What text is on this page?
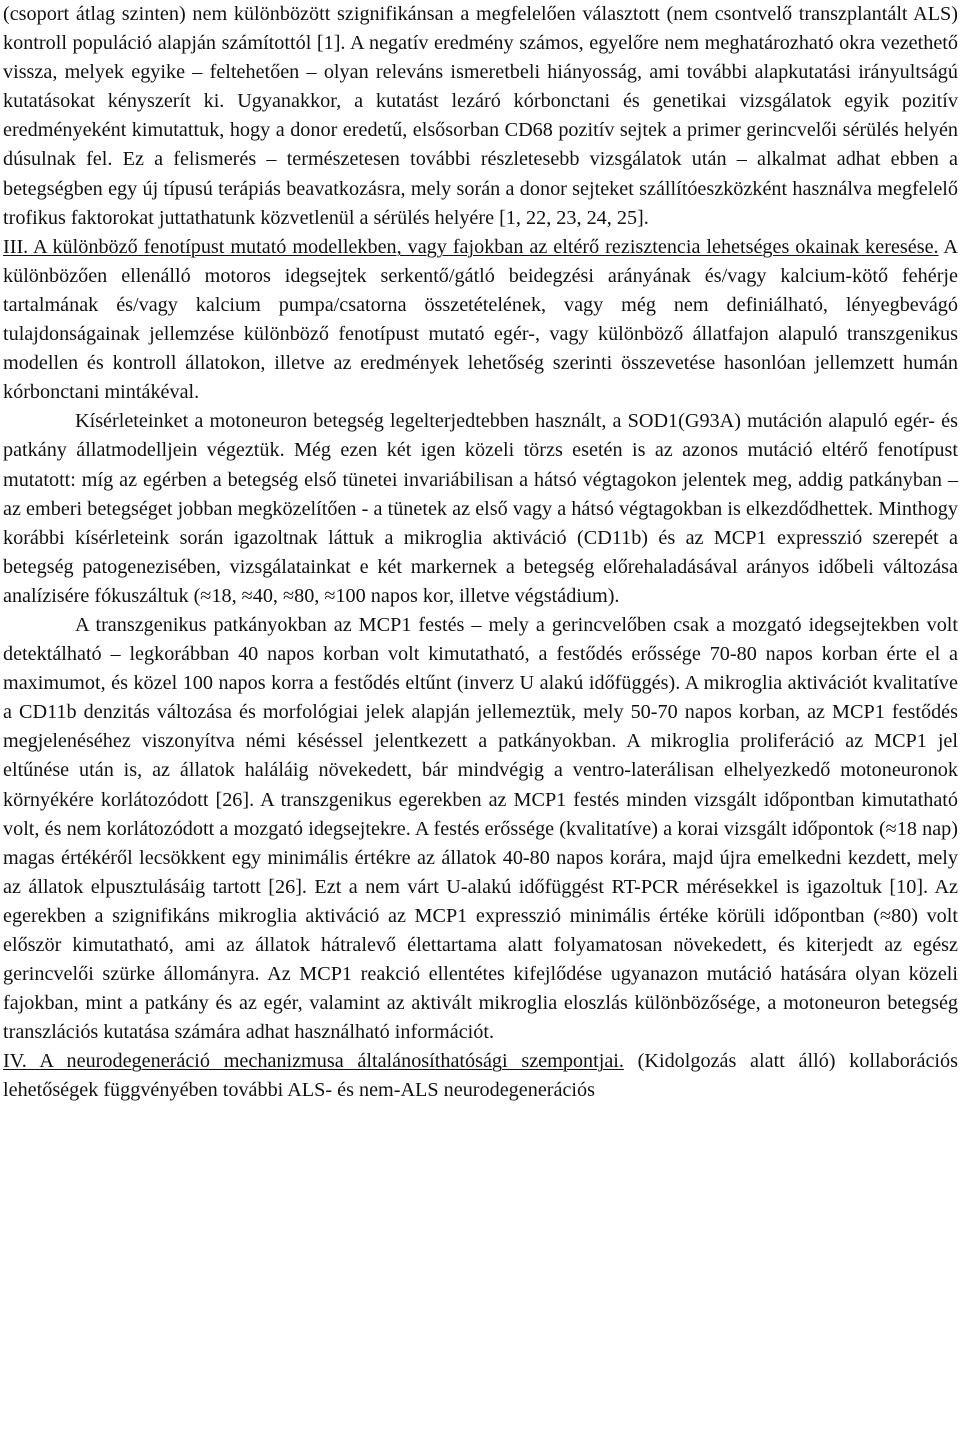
(csoport átlag szinten) nem különbözött szignifikánsan a megfelelően választott (nem csontvelő transzplantált ALS) kontroll populáció alapján számítottól [1]. A negatív eredmény számos, egyelőre nem meghatározható okra vezethető vissza, melyek egyike – feltehetően – olyan releváns ismeretbeli hiányosság, ami további alapkutatási irányultságú kutatásokat kényszerít ki. Ugyanakkor, a kutatást lezáró kórbonctani és genetikai vizsgálatok egyik pozitív eredményeként kimutattuk, hogy a donor eredetű, elsősorban CD68 pozitív sejtek a primer gerincvelői sérülés helyén dúsulnak fel. Ez a felismerés – természetesen további részletesebb vizsgálatok után – alkalmat adhat ebben a betegségben egy új típusú terápiás beavatkozásra, mely során a donor sejteket szállítóeszközként használva megfelelő trofikus faktorokat juttathatunk közvetlenül a sérülés helyére [1, 22, 23, 24, 25].

III. A különböző fenotípust mutató modellekben, vagy fajokban az eltérő rezisztencia lehetséges okainak keresése. A különbözően ellenálló motoros idegsejtek serkentő/gátló beidegzési arányának és/vagy kalcium-kötő fehérje tartalmának és/vagy kalcium pumpa/csatorna összetételének, vagy még nem definiálható, lényegbevágó tulajdonságainak jellemzése különböző fenotípust mutató egér-, vagy különböző állatfajon alapuló transzgenikus modellen és kontroll állatokon, illetve az eredmények lehetőség szerinti összevetése hasonlóan jellemzett humán kórbonctani mintákéval.

Kísérleteinket a motoneuron betegség legelterjedtebben használt, a SOD1(G93A) mutáción alapuló egér- és patkány állatmodelljein végeztük. Még ezen két igen közeli törzs esetén is az azonos mutáció eltérő fenotípust mutatott: míg az egérben a betegség első tünetei invariábilisan a hátsó végtagokon jelentek meg, addig patkányban – az emberi betegséget jobban megközelítően - a tünetek az első vagy a hátsó végtagokban is elkezdődhettek. Minthogy korábbi kísérleteink során igazoltnak láttuk a mikroglia aktiváció (CD11b) és az MCP1 expresszió szerepét a betegség patogenezisében, vizsgálatainkat e két markernek a betegség előrehaladásával arányos időbeli változása analízisére fókuszáltuk (≈18, ≈40, ≈80, ≈100 napos kor, illetve végstádium).

A transzgenikus patkányokban az MCP1 festés – mely a gerincvelőben csak a mozgató idegsejtekben volt detektálható – legkorábban 40 napos korban volt kimutatható, a festődés erőssége 70-80 napos korban érte el a maximumot, és közel 100 napos korra a festődés eltűnt (inverz U alakú időfüggés). A mikroglia aktivációt kvalitatíve a CD11b denzitás változása és morfológiai jelek alapján jellemeztük, mely 50-70 napos korban, az MCP1 festődés megjelenéséhez viszonyítva némi késéssel jelentkezett a patkányokban. A mikroglia proliferáció az MCP1 jel eltűnése után is, az állatok haláláig növekedett, bár mindvégig a ventro-laterálisan elhelyezkedő motoneuronok környékére korlátozódott [26]. A transzgenikus egerekben az MCP1 festés minden vizsgált időpontban kimutatható volt, és nem korlátozódott a mozgató idegsejtekre. A festés erőssége (kvalitatíve) a korai vizsgált időpontok (≈18 nap) magas értékéről lecsökkent egy minimális értékre az állatok 40-80 napos korára, majd újra emelkedni kezdett, mely az állatok elpusztulásáig tartott [26]. Ezt a nem várt U-alakú időfüggést RT-PCR mérésekkel is igazoltuk [10]. Az egerekben a szignifikáns mikroglia aktiváció az MCP1 expresszió minimális értéke körüli időpontban (≈80) volt először kimutatható, ami az állatok hátralevő élettartama alatt folyamatosan növekedett, és kiterjedt az egész gerincvelői szürke állományra. Az MCP1 reakció ellentétes kifejlődése ugyanazon mutáció hatására olyan közeli fajokban, mint a patkány és az egér, valamint az aktivált mikroglia eloszlás különbözősége, a motoneuron betegség transzlációs kutatása számára adhat használható információt.

IV. A neurodegeneráció mechanizmusa általánosíthatósági szempontjai. (Kidolgozás alatt álló) kollaborációs lehetőségek függvényében további ALS- és nem-ALS neurodegenerációs
